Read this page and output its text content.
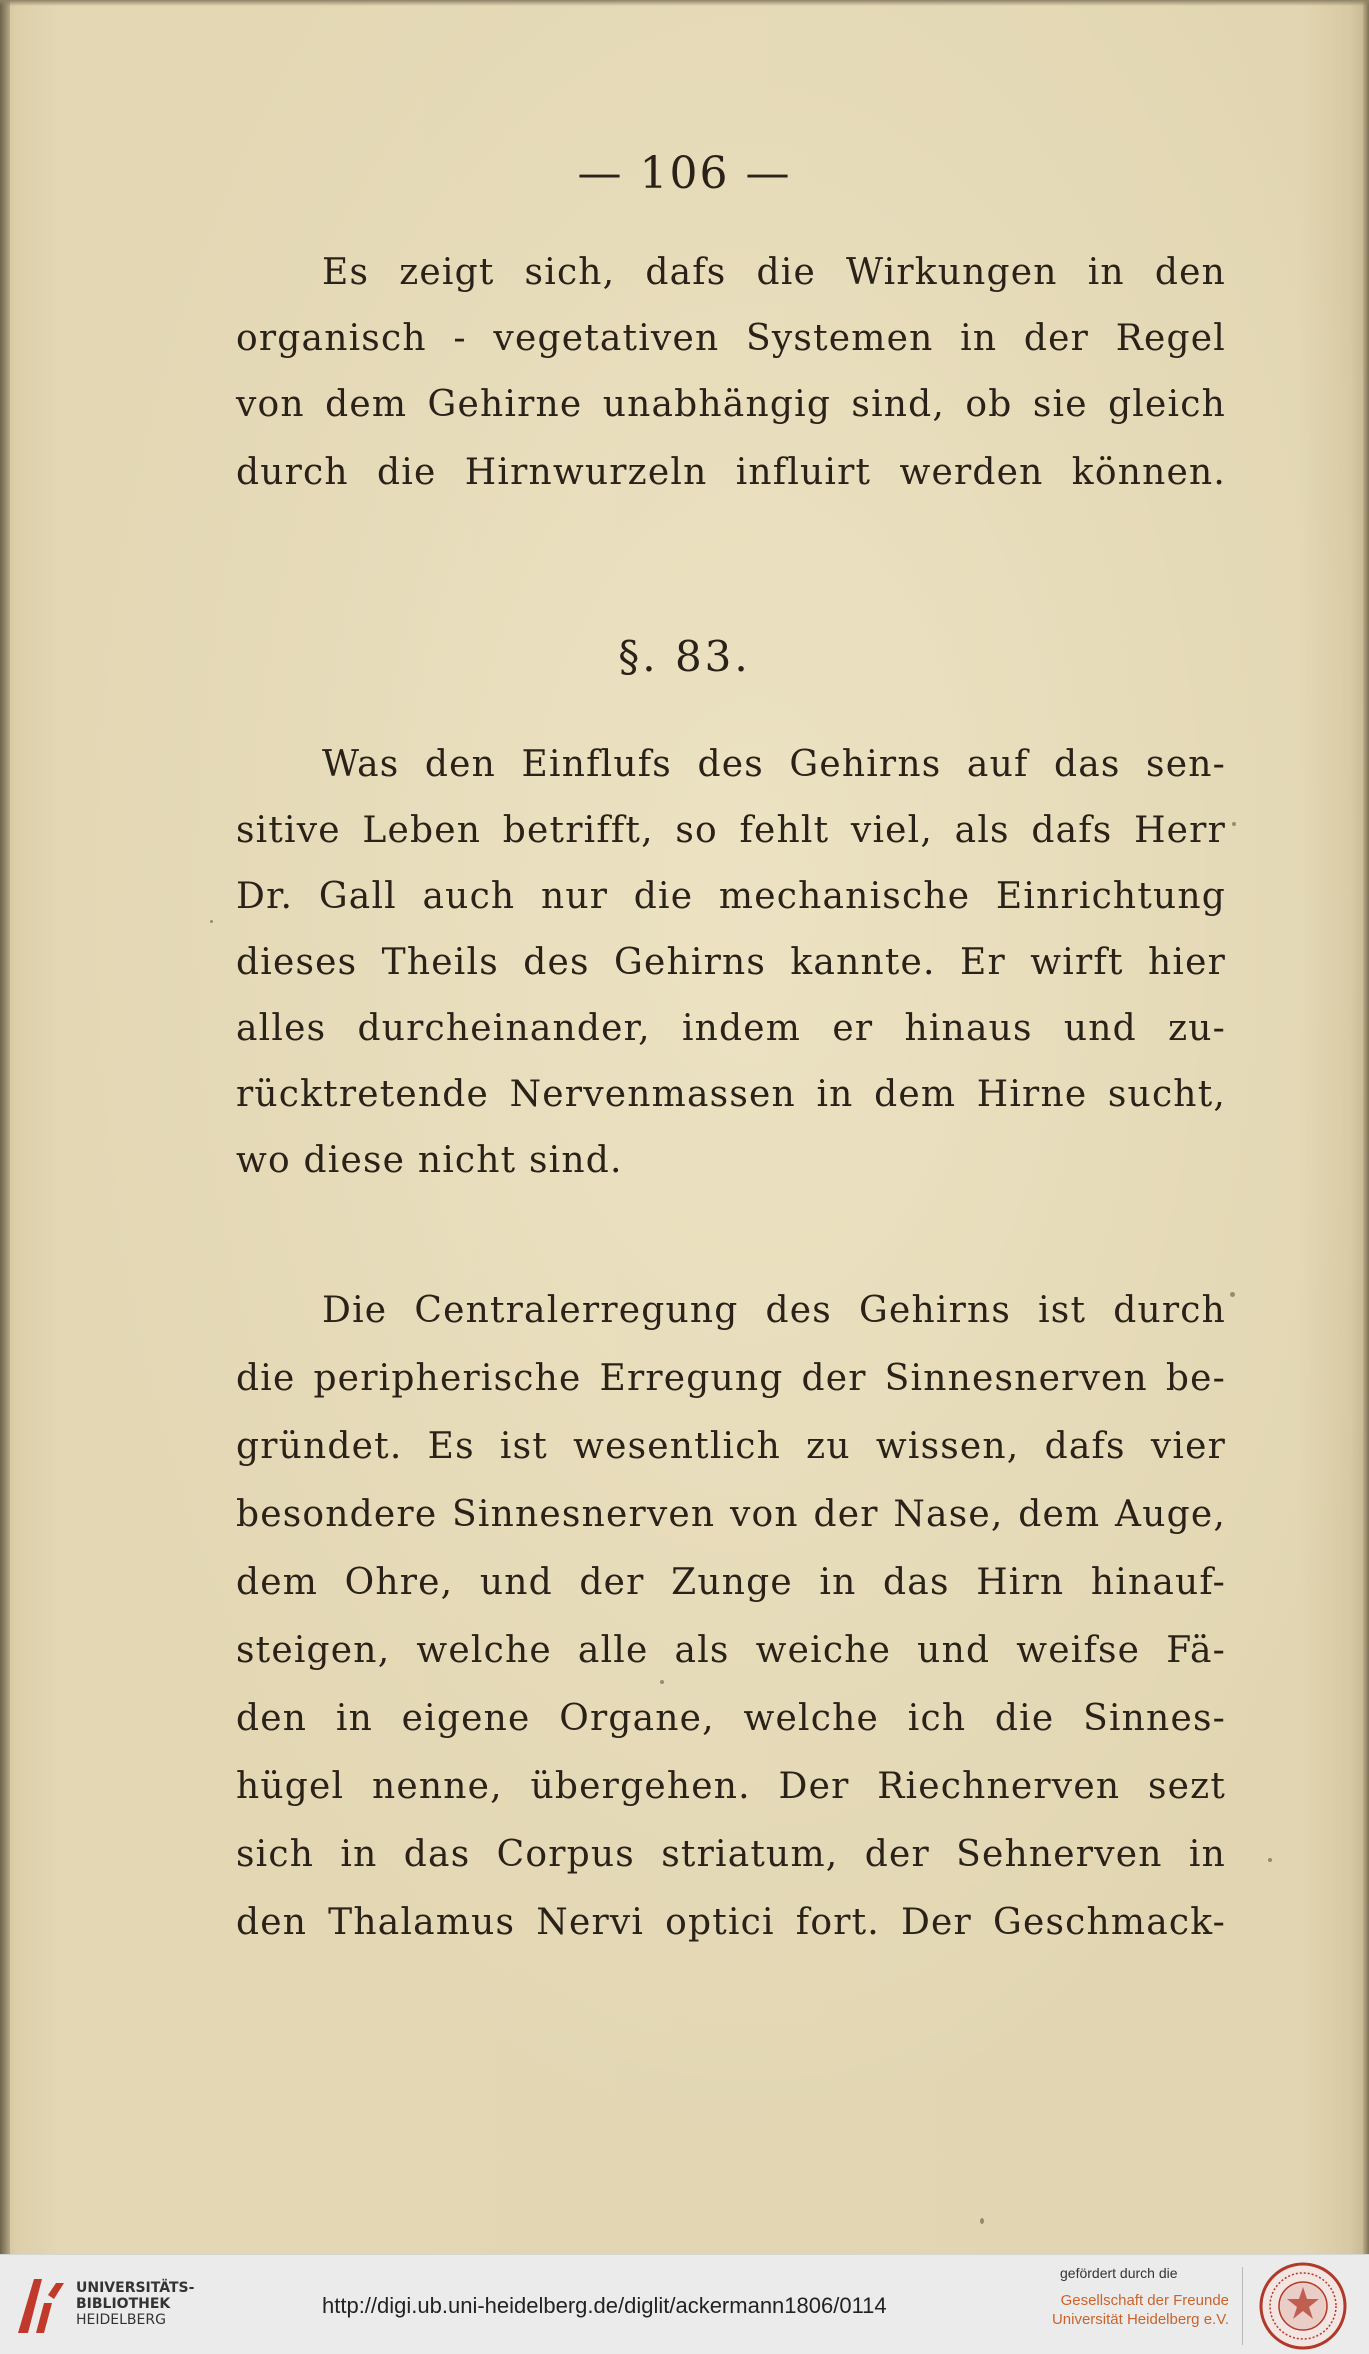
— 106 —
Es zeigt sich, dafs die Wirkungen in den
organisch - vegetativen Systemen in der Regel
von dem Gehirne unabhängig sind, ob sie gleich
durch die Hirnwurzeln influirt werden können.
§. 83.
Was den Einflufs des Gehirns auf das sen-
sitive Leben betrifft, so fehlt viel, als dafs Herr
Dr. Gall auch nur die mechanische Einrichtung
dieses Theils des Gehirns kannte. Er wirft hier
alles durcheinander, indem er hinaus und zu-
rücktretende Nervenmassen in dem Hirne sucht,
wo diese nicht sind.
Die Centralerregung des Gehirns ist durch
die peripherische Erregung der Sinnesnerven be-
gründet. Es ist wesentlich zu wissen, dafs vier
besondere Sinnesnerven von der Nase, dem Auge,
dem Ohre, und der Zunge in das Hirn hinauf-
steigen, welche alle als weiche und weifse Fä-
den in eigene Organe, welche ich die Sinnes-
hügel nenne, übergehen. Der Riechnerven sezt
sich in das Corpus striatum, der Sehnerven in
den Thalamus Nervi optici fort. Der Geschmack-
UNIVERSITÄTS-
BIBLIOTHEK
HEIDELBERG
http://digi.ub.uni-heidelberg.de/diglit/ackermann1806/0114
gefördert durch die
Gesellschaft der Freunde
Universität Heidelberg e.V.
